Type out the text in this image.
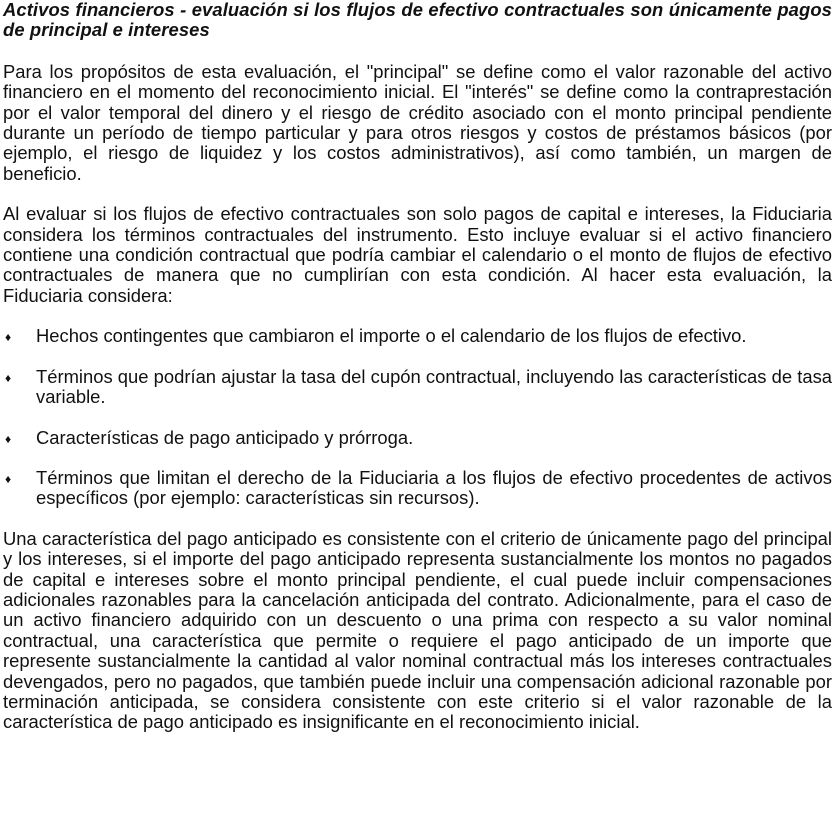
Activos financieros - evaluación si los flujos de efectivo contractuales son únicamente pagos de principal e intereses

Para los propósitos de esta evaluación, el "principal" se define como el valor razonable del activo financiero en el momento del reconocimiento inicial. El "interés" se define como la contraprestación por el valor temporal del dinero y el riesgo de crédito asociado con el monto principal pendiente durante un período de tiempo particular y para otros riesgos y costos de préstamos básicos (por ejemplo, el riesgo de liquidez y los costos administrativos), así como también, un margen de beneficio.

Al evaluar si los flujos de efectivo contractuales son solo pagos de capital e intereses, la Fiduciaria considera los términos contractuales del instrumento. Esto incluye evaluar si el activo financiero contiene una condición contractual que podría cambiar el calendario o el monto de flujos de efectivo contractuales de manera que no cumplirían con esta condición. Al hacer esta evaluación, la Fiduciaria considera:

♦ Hechos contingentes que cambiaron el importe o el calendario de los flujos de efectivo.
♦ Términos que podrían ajustar la tasa del cupón contractual, incluyendo las características de tasa variable.
♦ Características de pago anticipado y prórroga.
♦ Términos que limitan el derecho de la Fiduciaria a los flujos de efectivo procedentes de activos específicos (por ejemplo: características sin recursos).

Una característica del pago anticipado es consistente con el criterio de únicamente pago del principal y los intereses, si el importe del pago anticipado representa sustancialmente los montos no pagados de capital e intereses sobre el monto principal pendiente, el cual puede incluir compensaciones adicionales razonables para la cancelación anticipada del contrato. Adicionalmente, para el caso de un activo financiero adquirido con un descuento o una prima con respecto a su valor nominal contractual, una característica que permite o requiere el pago anticipado de un importe que represente sustancialmente la cantidad al valor nominal contractual más los intereses contractuales devengados, pero no pagados, que también puede incluir una compensación adicional razonable por terminación anticipada, se considera consistente con este criterio si el valor razonable de la característica de pago anticipado es insignificante en el reconocimiento inicial.
